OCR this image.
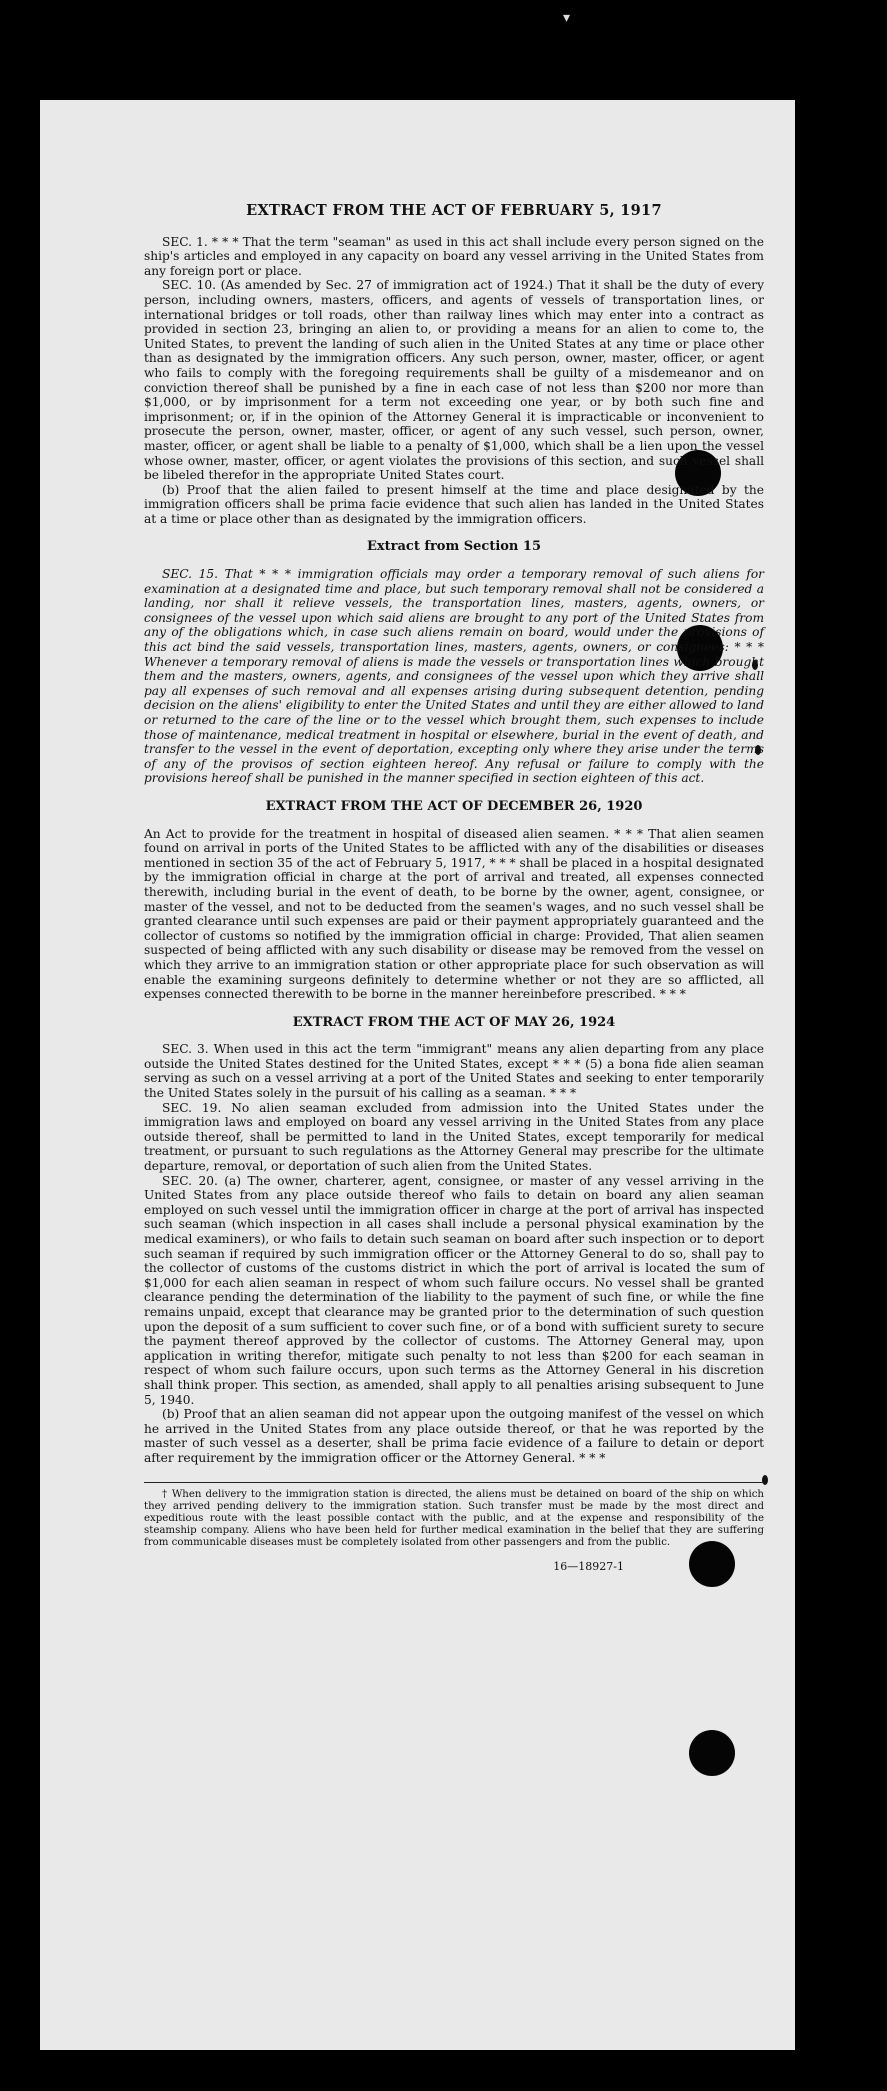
▾
EXTRACT FROM THE ACT OF FEBRUARY 5, 1917

SEC. 1. * * * That the term "seaman" as used in this act shall include every person signed on the ship's articles and employed in any capacity on board any vessel arriving in the United States from any foreign port or place.

SEC. 10. (As amended by Sec. 27 of immigration act of 1924.) That it shall be the duty of every person, including owners, masters, officers, and agents of vessels of transportation lines, or international bridges or toll roads, other than railway lines which may enter into a contract as provided in section 23, bringing an alien to, or providing a means for an alien to come to, the United States, to prevent the landing of such alien in the United States at any time or place other than as designated by the immigration officers. Any such person, owner, master, officer, or agent who fails to comply with the foregoing requirements shall be guilty of a misdemeanor and on conviction thereof shall be punished by a fine in each case of not less than $200 nor more than $1,000, or by imprisonment for a term not exceeding one year, or by both such fine and imprisonment; or, if in the opinion of the Attorney General it is impracticable or inconvenient to prosecute the person, owner, master, officer, or agent of any such vessel, such person, owner, master, officer, or agent shall be liable to a penalty of $1,000, which shall be a lien upon the vessel whose owner, master, officer, or agent violates the provisions of this section, and such vessel shall be libeled therefor in the appropriate United States court.

(b) Proof that the alien failed to present himself at the time and place designated by the immigration officers shall be prima facie evidence that such alien has landed in the United States at a time or place other than as designated by the immigration officers.

Extract from Section 15

SEC. 15. That * * * immigration officials may order a temporary removal of such aliens for examination at a designated time and place, but such temporary removal shall not be considered a landing, nor shall it relieve vessels, the transportation lines, masters, agents, owners, or consignees of the vessel upon which said aliens are brought to any port of the United States from any of the obligations which, in case such aliens remain on board, would under the provisions of this act bind the said vessels, transportation lines, masters, agents, owners, or consignees: * * * Whenever a temporary removal of aliens is made the vessels or transportation lines which brought them and the masters, owners, agents, and consignees of the vessel upon which they arrive shall pay all expenses of such removal and all expenses arising during subsequent detention, pending decision on the aliens' eligibility to enter the United States and until they are either allowed to land or returned to the care of the line or to the vessel which brought them, such expenses to include those of maintenance, medical treatment in hospital or elsewhere, burial in the event of death, and transfer to the vessel in the event of deportation, excepting only where they arise under the terms of any of the provisos of section eighteen hereof. Any refusal or failure to comply with the provisions hereof shall be punished in the manner specified in section eighteen of this act.

EXTRACT FROM THE ACT OF DECEMBER 26, 1920

An Act to provide for the treatment in hospital of diseased alien seamen. * * * That alien seamen found on arrival in ports of the United States to be afflicted with any of the disabilities or diseases mentioned in section 35 of the act of February 5, 1917, * * * shall be placed in a hospital designated by the immigration official in charge at the port of arrival and treated, all expenses connected therewith, including burial in the event of death, to be borne by the owner, agent, consignee, or master of the vessel, and not to be deducted from the seamen's wages, and no such vessel shall be granted clearance until such expenses are paid or their payment appropriately guaranteed and the collector of customs so notified by the immigration official in charge: Provided, That alien seamen suspected of being afflicted with any such disability or disease may be removed from the vessel on which they arrive to an immigration station or other appropriate place for such observation as will enable the examining surgeons definitely to determine whether or not they are so afflicted, all expenses connected therewith to be borne in the manner hereinbefore prescribed. * * *

EXTRACT FROM THE ACT OF MAY 26, 1924

SEC. 3. When used in this act the term "immigrant" means any alien departing from any place outside the United States destined for the United States, except * * * (5) a bona fide alien seaman serving as such on a vessel arriving at a port of the United States and seeking to enter temporarily the United States solely in the pursuit of his calling as a seaman. * * *

SEC. 19. No alien seaman excluded from admission into the United States under the immigration laws and employed on board any vessel arriving in the United States from any place outside thereof, shall be permitted to land in the United States, except temporarily for medical treatment, or pursuant to such regulations as the Attorney General may prescribe for the ultimate departure, removal, or deportation of such alien from the United States.

SEC. 20. (a) The owner, charterer, agent, consignee, or master of any vessel arriving in the United States from any place outside thereof who fails to detain on board any alien seaman employed on such vessel until the immigration officer in charge at the port of arrival has inspected such seaman (which inspection in all cases shall include a personal physical examination by the medical examiners), or who fails to detain such seaman on board after such inspection or to deport such seaman if required by such immigration officer or the Attorney General to do so, shall pay to the collector of customs of the customs district in which the port of arrival is located the sum of $1,000 for each alien seaman in respect of whom such failure occurs. No vessel shall be granted clearance pending the determination of the liability to the payment of such fine, or while the fine remains unpaid, except that clearance may be granted prior to the determination of such question upon the deposit of a sum sufficient to cover such fine, or of a bond with sufficient surety to secure the payment thereof approved by the collector of customs. The Attorney General may, upon application in writing therefor, mitigate such penalty to not less than $200 for each seaman in respect of whom such failure occurs, upon such terms as the Attorney General in his discretion shall think proper. This section, as amended, shall apply to all penalties arising subsequent to June 5, 1940.

(b) Proof that an alien seaman did not appear upon the outgoing manifest of the vessel on which he arrived in the United States from any place outside thereof, or that he was reported by the master of such vessel as a deserter, shall be prima facie evidence of a failure to detain or deport after requirement by the immigration officer or the Attorney General. * * *

† When delivery to the immigration station is directed, the aliens must be detained on board of the ship on which they arrived pending delivery to the immigration station. Such transfer must be made by the most direct and expeditious route with the least possible contact with the public, and at the expense and responsibility of the steamship company. Aliens who have been held for further medical examination in the belief that they are suffering from communicable diseases must be completely isolated from other passengers and from the public.

16—18927-1
